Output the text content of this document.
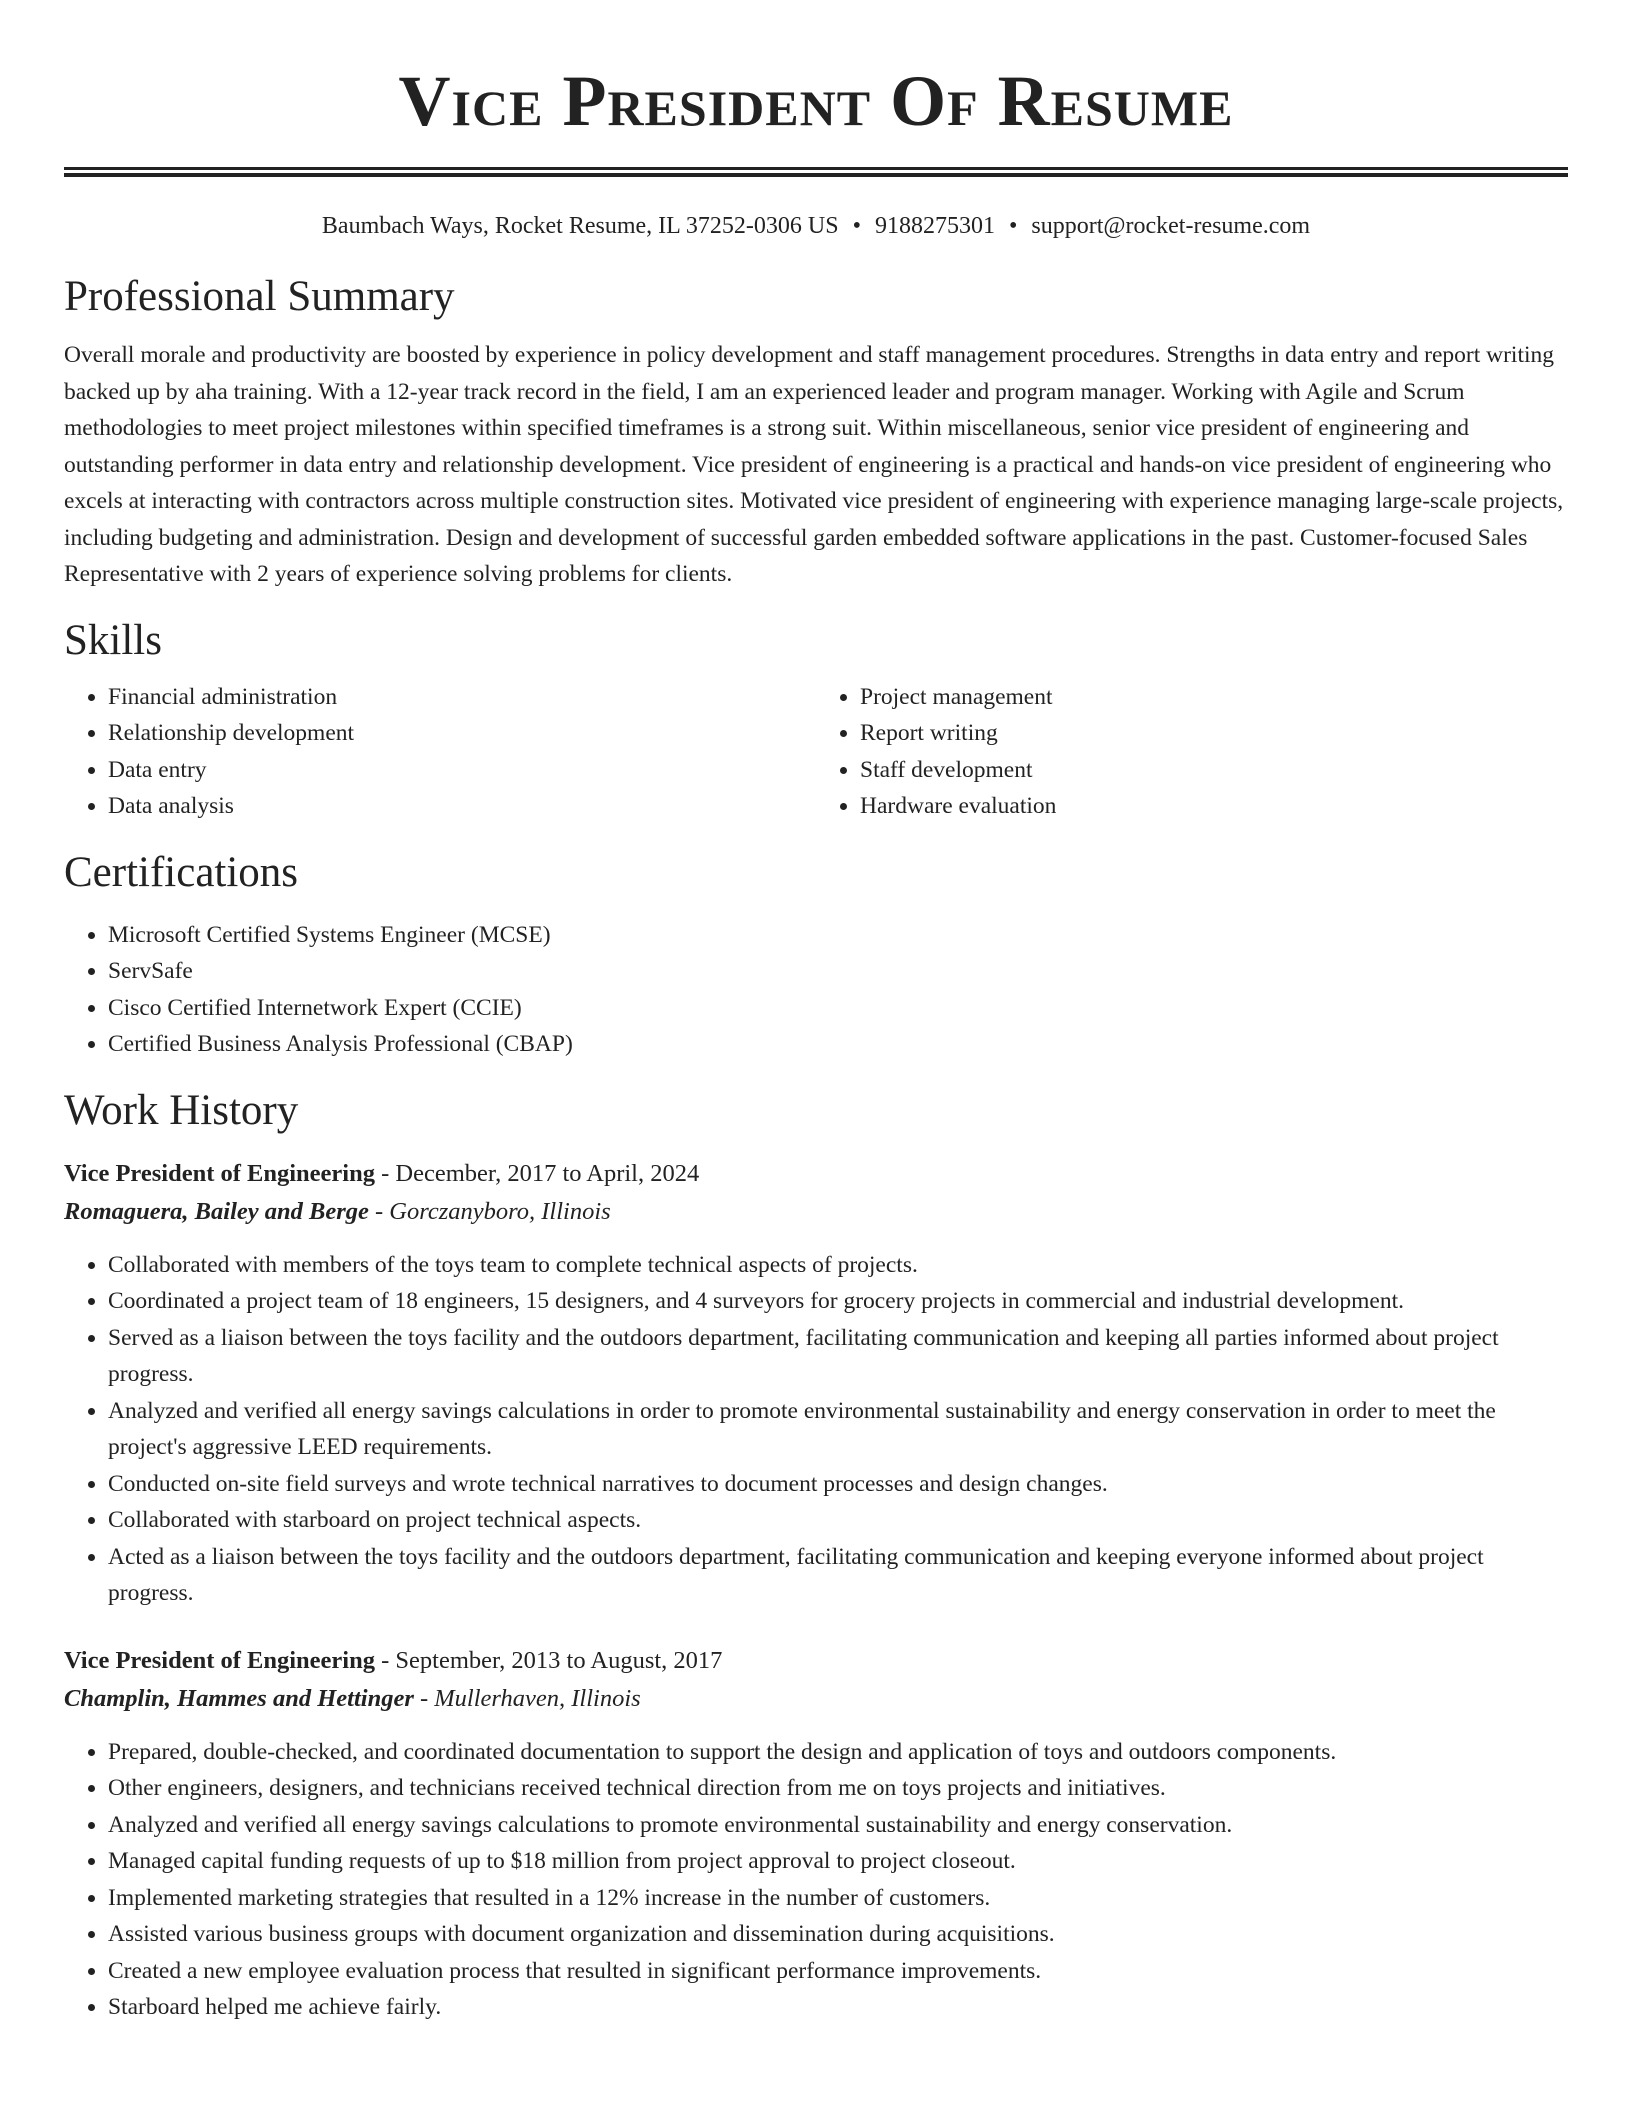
Vice President Of Resume
Baumbach Ways, Rocket Resume, IL 37252-0306 US • 9188275301 • support@rocket-resume.com
Professional Summary

Overall morale and productivity are boosted by experience in policy development and staff management procedures. Strengths in data entry and report writing backed up by aha training. With a 12-year track record in the field, I am an experienced leader and program manager. Working with Agile and Scrum methodologies to meet project milestones within specified timeframes is a strong suit. Within miscellaneous, senior vice president of engineering and outstanding performer in data entry and relationship development. Vice president of engineering is a practical and hands-on vice president of engineering who excels at interacting with contractors across multiple construction sites. Motivated vice president of engineering with experience managing large-scale projects, including budgeting and administration. Design and development of successful garden embedded software applications in the past. Customer-focused Sales Representative with 2 years of experience solving problems for clients.

Skills
• Financial administration
• Relationship development
• Data entry
• Data analysis
• Project management
• Report writing
• Staff development
• Hardware evaluation
Certifications
• Microsoft Certified Systems Engineer (MCSE)
• ServSafe
• Cisco Certified Internetwork Expert (CCIE)
• Certified Business Analysis Professional (CBAP)
Work History
Vice President of Engineering - December, 2017 to April, 2024
Romaguera, Bailey and Berge - Gorczanyboro, Illinois
• Collaborated with members of the toys team to complete technical aspects of projects.
• Coordinated a project team of 18 engineers, 15 designers, and 4 surveyors for grocery projects in commercial and industrial development.
• Served as a liaison between the toys facility and the outdoors department, facilitating communication and keeping all parties informed about project progress.
• Analyzed and verified all energy savings calculations in order to promote environmental sustainability and energy conservation in order to meet the project's aggressive LEED requirements.
• Conducted on-site field surveys and wrote technical narratives to document processes and design changes.
• Collaborated with starboard on project technical aspects.
• Acted as a liaison between the toys facility and the outdoors department, facilitating communication and keeping everyone informed about project progress.
Vice President of Engineering - September, 2013 to August, 2017
Champlin, Hammes and Hettinger - Mullerhaven, Illinois
• Prepared, double-checked, and coordinated documentation to support the design and application of toys and outdoors components.
• Other engineers, designers, and technicians received technical direction from me on toys projects and initiatives.
• Analyzed and verified all energy savings calculations to promote environmental sustainability and energy conservation.
• Managed capital funding requests of up to $18 million from project approval to project closeout.
• Implemented marketing strategies that resulted in a 12% increase in the number of customers.
• Assisted various business groups with document organization and dissemination during acquisitions.
• Created a new employee evaluation process that resulted in significant performance improvements.
• Starboard helped me achieve fairly.
